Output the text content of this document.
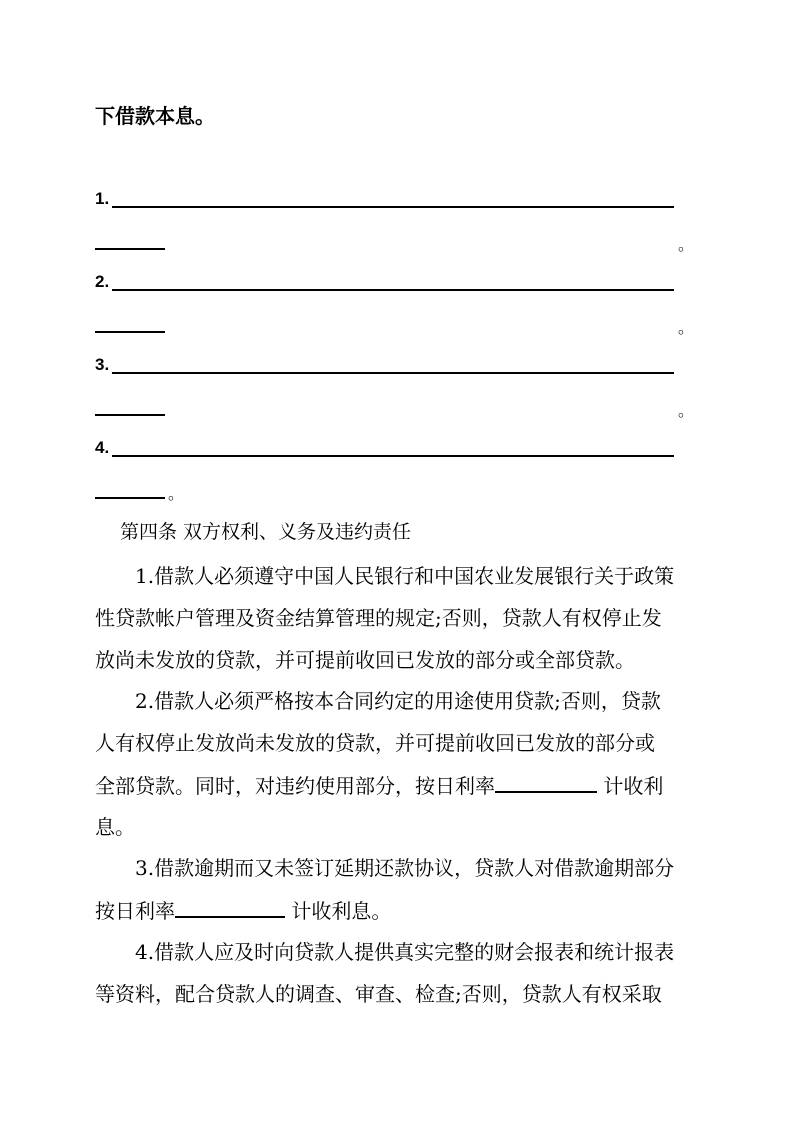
下借款本息。
1.
。
2.
。
3.
。
4.
。
第四条 双方权利、义务及违约责任
1.借款人必须遵守中国人民银行和中国农业发展银行关于政策
性贷款帐户管理及资金结算管理的规定;否则，贷款人有权停止发
放尚未发放的贷款，并可提前收回已发放的部分或全部贷款。
2.借款人必须严格按本合同约定的用途使用贷款;否则，贷款
人有权停止发放尚未发放的贷款，并可提前收回已发放的部分或
全部贷款。同时，对违约使用部分，按日利率	计收利
息。
3.借款逾期而又未签订延期还款协议，贷款人对借款逾期部分
按日利率	计收利息。
4.借款人应及时向贷款人提供真实完整的财会报表和统计报表
等资料，配合贷款人的调查、审查、检查;否则，贷款人有权采取
